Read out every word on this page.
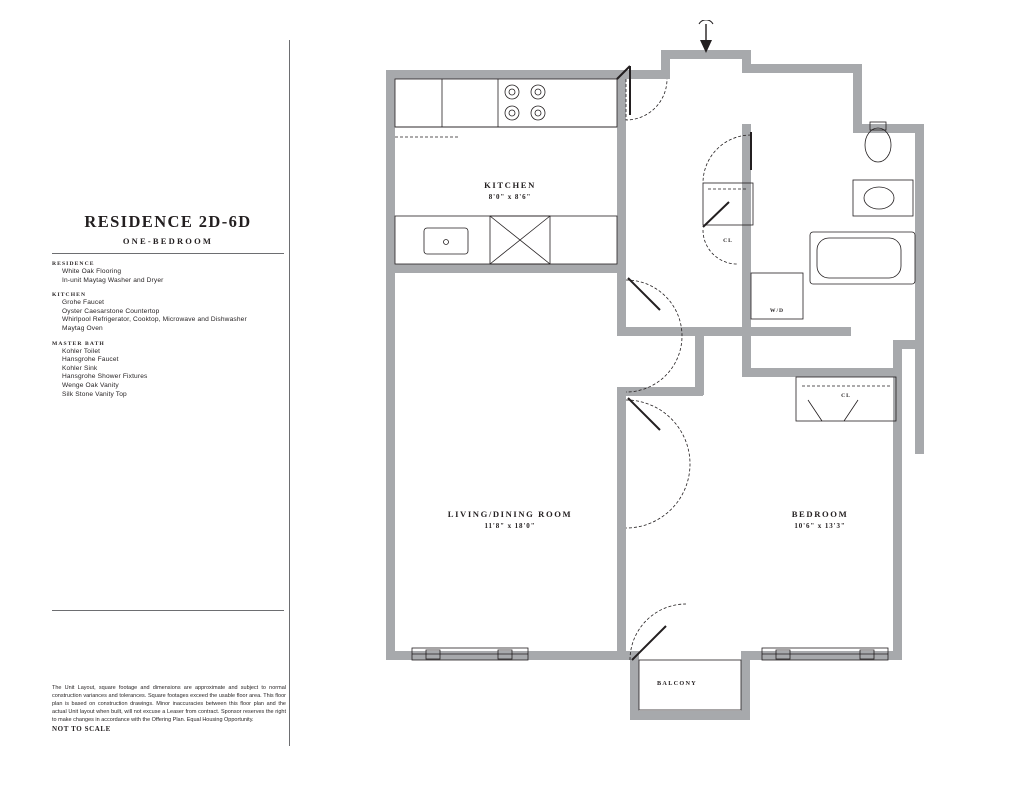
RESIDENCE 2D-6D
ONE-BEDROOM
RESIDENCE
White Oak Flooring
In-unit Maytag Washer and Dryer
KITCHEN
Grohe Faucet
Oyster Caesarstone Countertop
Whirlpool Refrigerator, Cooktop, Microwave and Dishwasher
Maytag Oven
MASTER BATH
Kohler Toilet
Hansgrohe Faucet
Kohler Sink
Hansgrohe Shower Fixtures
Wenge Oak Vanity
Silk Stone Vanity Top
The Unit Layout, square footage and dimensions are approximate and subject to normal construction variances and tolerances. Square footages exceed the usable floor area. This floor plan is based on construction drawings. Minor inaccuracies between this floor plan and the actual Unit layout when built, will not excuse a Leaser from contract. Sponsor reserves the right to make changes in accordance with the Offering Plan. Equal Housing Opportunity.
NOT TO SCALE
KITCHEN
8'0" x 8'6"
LIVING/DINING ROOM
11'8" x 18'0"
BEDROOM
10'6" x 13'3"
CL
W/D
CL
BALCONY
